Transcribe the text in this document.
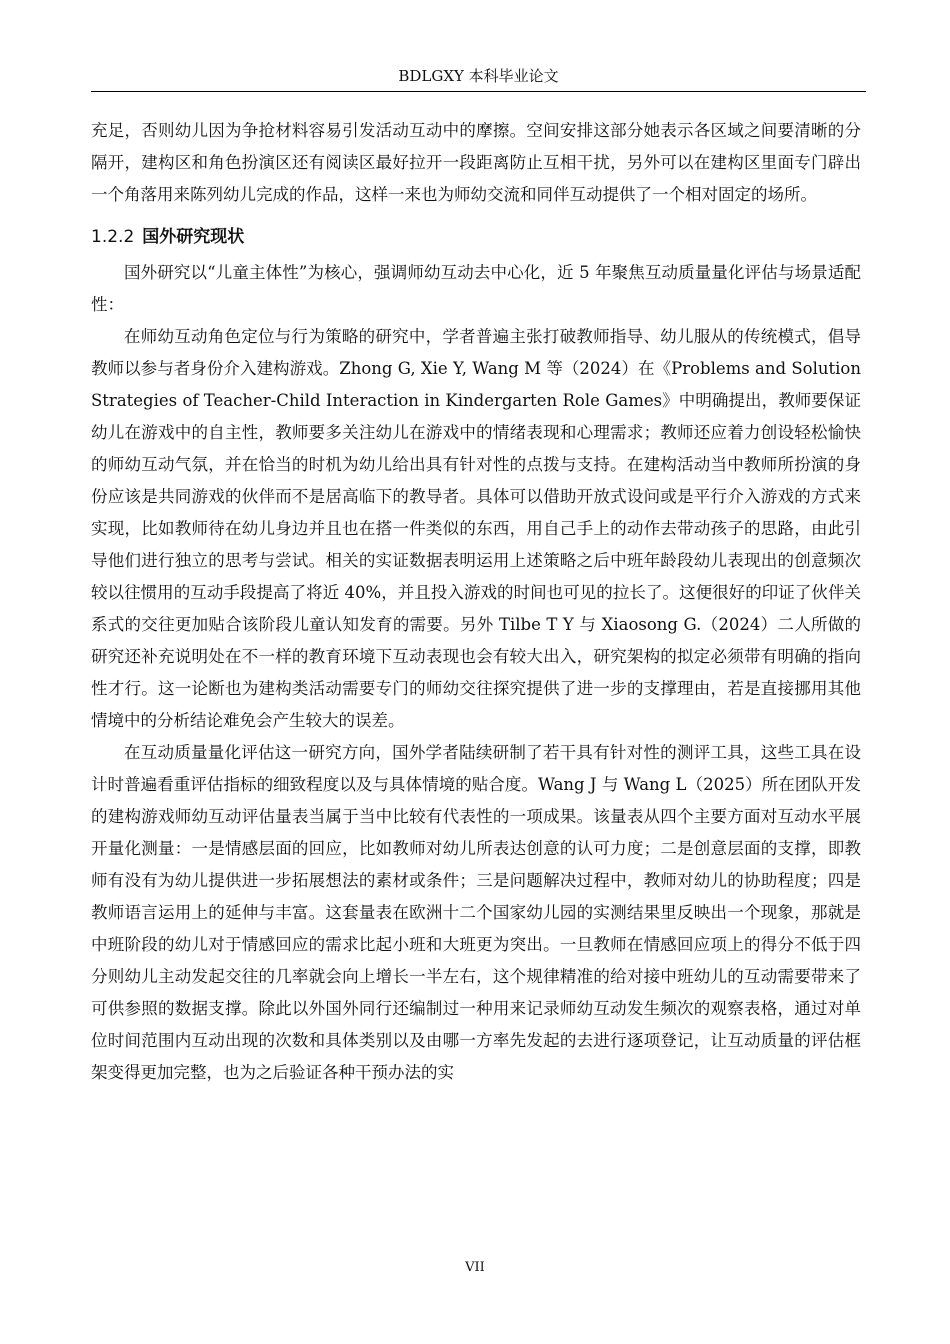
BDLGXY 本科毕业论文

充足，否则幼儿因为争抢材料容易引发活动互动中的摩擦。空间安排这部分她表示各区域之间要清晰的分隔开，建构区和角色扮演区还有阅读区最好拉开一段距离防止互相干扰，另外可以在建构区里面专门辟出一个角落用来陈列幼儿完成的作品，这样一来也为师幼交流和同伴互动提供了一个相对固定的场所。

1.2.2 国外研究现状

国外研究以“儿童主体性”为核心，强调师幼互动去中心化，近 5 年聚焦互动质量量化评估与场景适配性：

在师幼互动角色定位与行为策略的研究中，学者普遍主张打破教师指导、幼儿服从的传统模式，倡导教师以参与者身份介入建构游戏。Zhong G, Xie Y, Wang M 等（2024）在《Problems and Solution Strategies of Teacher-Child Interaction in Kindergarten Role Games》中明确提出，教师要保证幼儿在游戏中的自主性，教师要多关注幼儿在游戏中的情绪表现和心理需求；教师还应着力创设轻松愉快的师幼互动气氛，并在恰当的时机为幼儿给出具有针对性的点拨与支持。在建构活动当中教师所扮演的身份应该是共同游戏的伙伴而不是居高临下的教导者。具体可以借助开放式设问或是平行介入游戏的方式来实现，比如教师待在幼儿身边并且也在搭一件类似的东西，用自己手上的动作去带动孩子的思路，由此引导他们进行独立的思考与尝试。相关的实证数据表明运用上述策略之后中班年龄段幼儿表现出的创意频次较以往惯用的互动手段提高了将近 40%，并且投入游戏的时间也可见的拉长了。这便很好的印证了伙伴关系式的交往更加贴合该阶段儿童认知发育的需要。另外 Tilbe T Y 与 Xiaosong G.（2024）二人所做的研究还补充说明处在不一样的教育环境下互动表现也会有较大出入，研究架构的拟定必须带有明确的指向性才行。这一论断也为建构类活动需要专门的师幼交往探究提供了进一步的支撑理由，若是直接挪用其他情境中的分析结论难免会产生较大的误差。

在互动质量量化评估这一研究方向，国外学者陆续研制了若干具有针对性的测评工具，这些工具在设计时普遍看重评估指标的细致程度以及与具体情境的贴合度。Wang J 与 Wang L（2025）所在团队开发的建构游戏师幼互动评估量表当属于当中比较有代表性的一项成果。该量表从四个主要方面对互动水平展开量化测量：一是情感层面的回应，比如教师对幼儿所表达创意的认可力度；二是创意层面的支撑，即教师有没有为幼儿提供进一步拓展想法的素材或条件；三是问题解决过程中，教师对幼儿的协助程度；四是教师语言运用上的延伸与丰富。这套量表在欧洲十二个国家幼儿园的实测结果里反映出一个现象，那就是中班阶段的幼儿对于情感回应的需求比起小班和大班更为突出。一旦教师在情感回应项上的得分不低于四分则幼儿主动发起交往的几率就会向上增长一半左右，这个规律精准的给对接中班幼儿的互动需要带来了可供参照的数据支撑。除此以外国外同行还编制过一种用来记录师幼互动发生频次的观察表格，通过对单位时间范围内互动出现的次数和具体类别以及由哪一方率先发起的去进行逐项登记，让互动质量的评估框架变得更加完整，也为之后验证各种干预办法的实

VII
